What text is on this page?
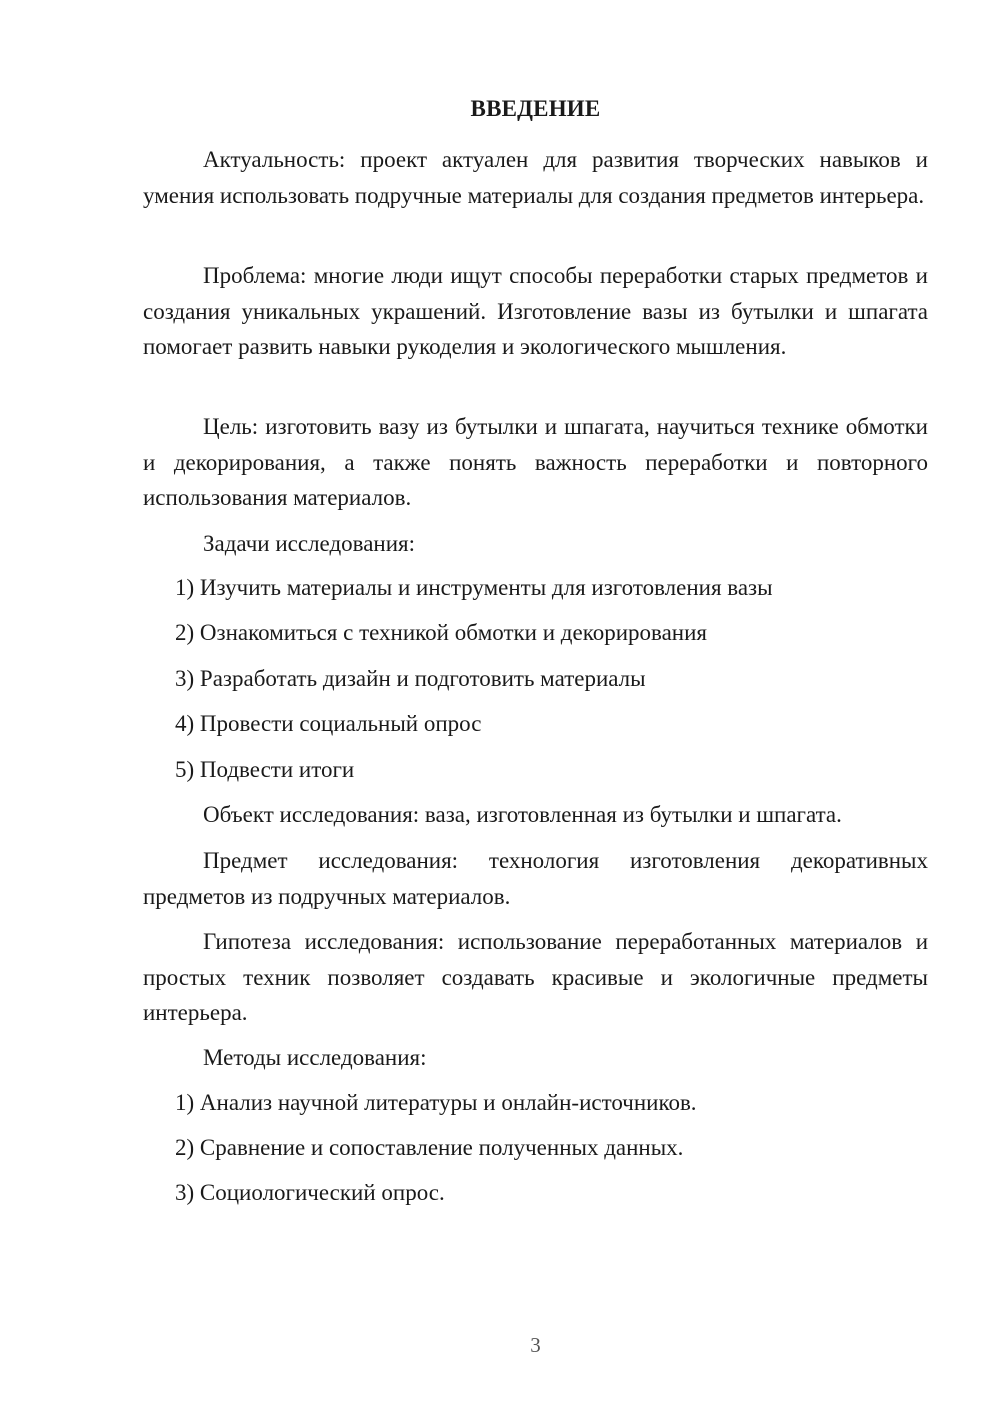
ВВЕДЕНИЕ

Актуальность: проект актуален для развития творческих навыков и умения использовать подручные материалы для создания предметов интерьера.

Проблема: многие люди ищут способы переработки старых предметов и создания уникальных украшений. Изготовление вазы из бутылки и шпагата помогает развить навыки рукоделия и экологического мышления.

Цель: изготовить вазу из бутылки и шпагата, научиться технике обмотки и декорирования, а также понять важность переработки и повторного использования материалов.

Задачи исследования:

1) Изучить материалы и инструменты для изготовления вазы

2) Ознакомиться с техникой обмотки и декорирования

3) Разработать дизайн и подготовить материалы

4) Провести социальный опрос

5) Подвести итоги

Объект исследования: ваза, изготовленная из бутылки и шпагата.

Предмет исследования: технология изготовления декоративных предметов из подручных материалов.

Гипотеза исследования: использование переработанных материалов и простых техник позволяет создавать красивые и экологичные предметы интерьера.

Методы исследования:

1) Анализ научной литературы и онлайн-источников.

2) Сравнение и сопоставление полученных данных.

3) Социологический опрос.

3
